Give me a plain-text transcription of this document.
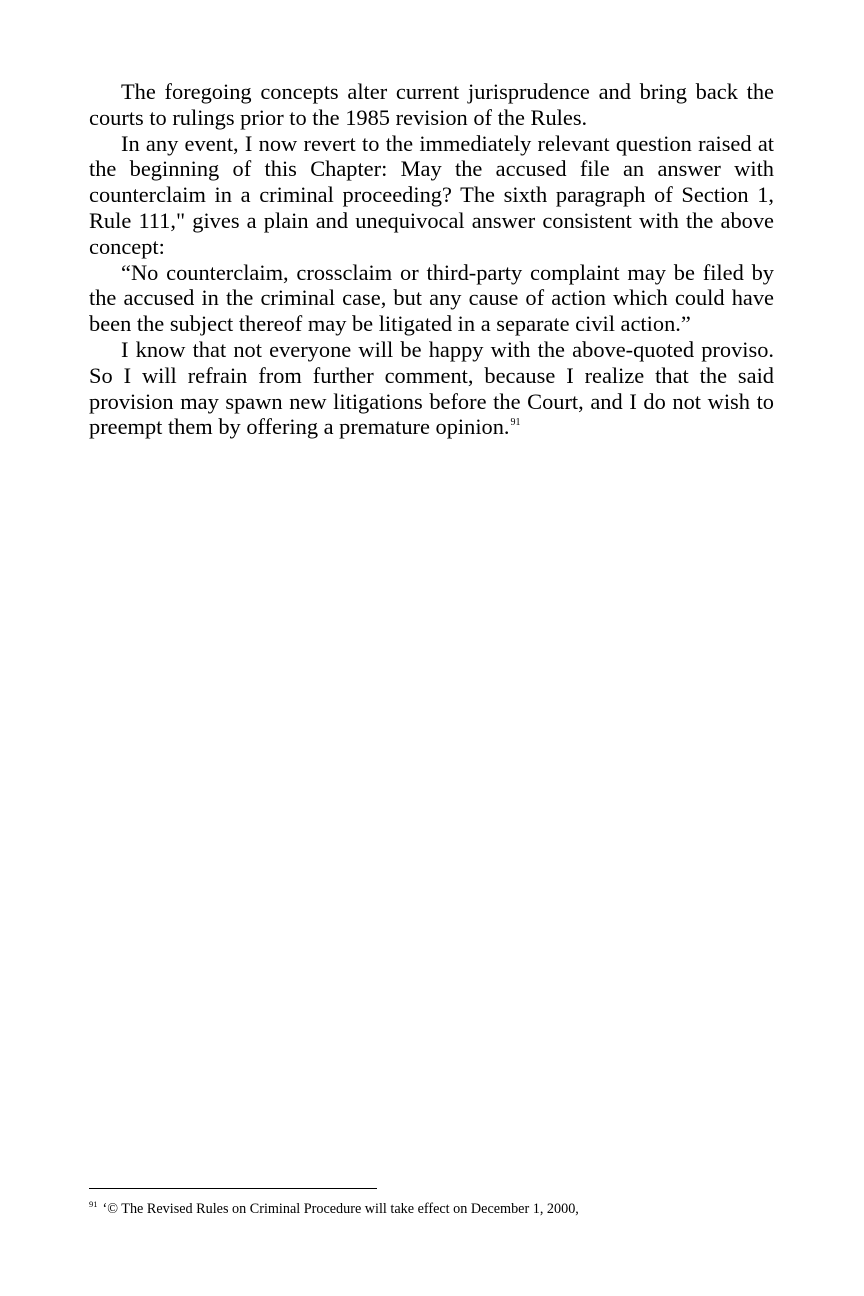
The foregoing concepts alter current jurisprudence and bring back the courts to rulings prior to the 1985 revision of the Rules.

In any event, I now revert to the immediately relevant question raised at the beginning of this Chapter: May the accused file an answer with counterclaim in a criminal proceeding? The sixth paragraph of Section 1, Rule 111," gives a plain and unequivocal answer consistent with the above concept:

“No counterclaim, crossclaim or third-party complaint may be filed by the accused in the criminal case, but any cause of action which could have been the subject thereof may be litigated in a separate civil action.”

I know that not everyone will be happy with the above-quoted proviso. So I will refrain from further comment, because I realize that the said provision may spawn new litigations before the Court, and I do not wish to preempt them by offering a premature opinion.$^{91}$

$^{91}$ ‘© The Revised Rules on Criminal Procedure will take effect on December 1, 2000,
